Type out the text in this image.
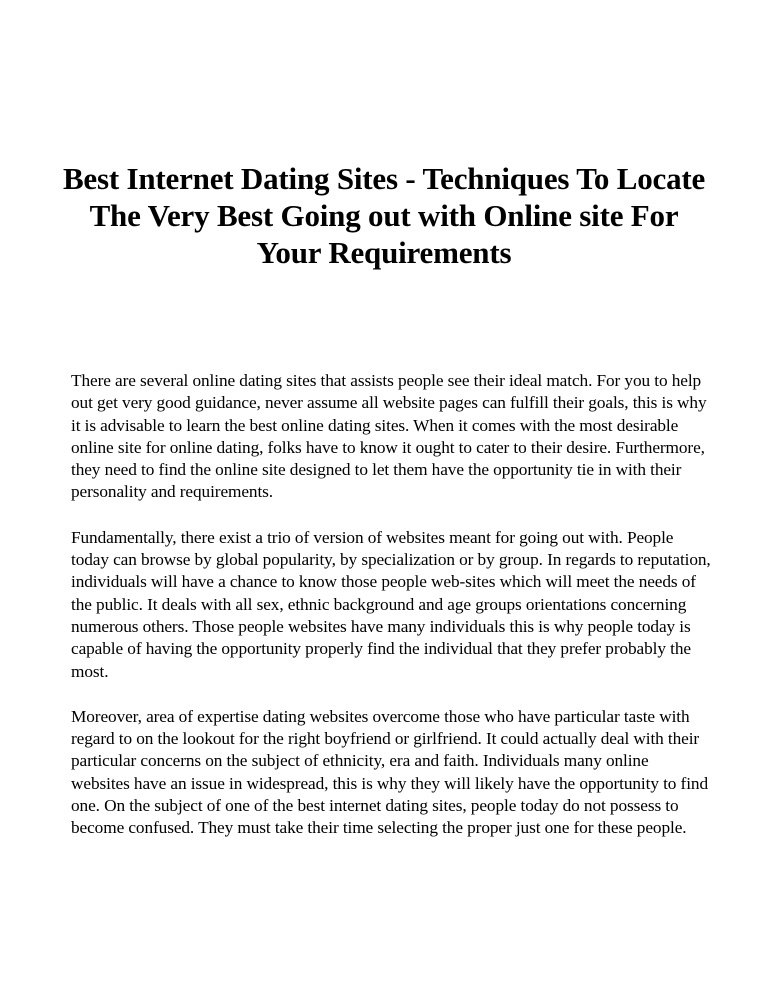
Best Internet Dating Sites - Techniques To Locate The Very Best Going out with Online site For Your Requirements

There are several online dating sites that assists people see their ideal match. For you to help out get very good guidance, never assume all website pages can fulfill their goals, this is why it is advisable to learn the best online dating sites. When it comes with the most desirable online site for online dating, folks have to know it ought to cater to their desire. Furthermore, they need to find the online site designed to let them have the opportunity tie in with their personality and requirements.

Fundamentally, there exist a trio of version of websites meant for going out with. People today can browse by global popularity, by specialization or by group. In regards to reputation, individuals will have a chance to know those people web-sites which will meet the needs of the public. It deals with all sex, ethnic background and age groups orientations concerning numerous others. Those people websites have many individuals this is why people today is capable of having the opportunity properly find the individual that they prefer probably the most.

Moreover, area of expertise dating websites overcome those who have particular taste with regard to on the lookout for the right boyfriend or girlfriend. It could actually deal with their particular concerns on the subject of ethnicity, era and faith. Individuals many online websites have an issue in widespread, this is why they will likely have the opportunity to find one. On the subject of one of the best internet dating sites, people today do not possess to become confused. They must take their time selecting the proper just one for these people.
